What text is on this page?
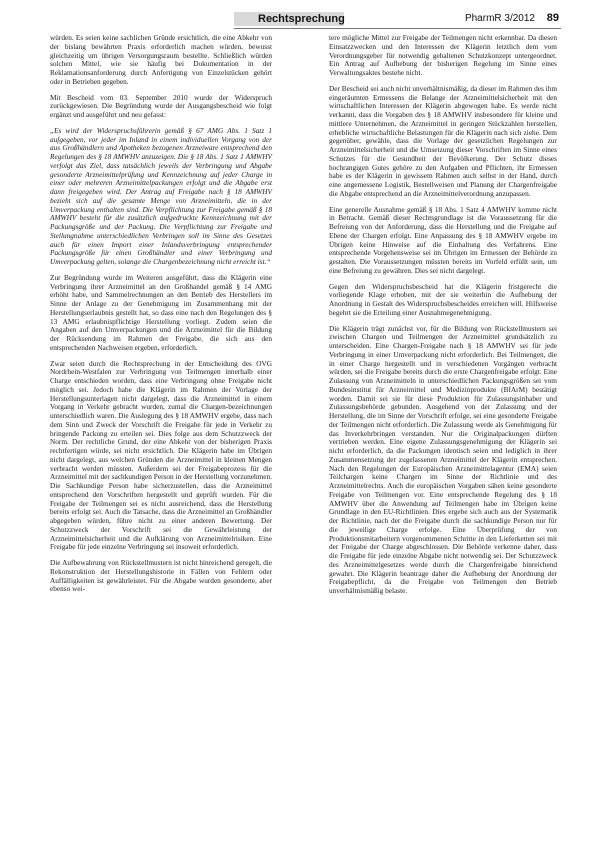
Rechtsprechung	PharmR 3/2012 89

würden. Es seien keine sachlichen Gründe ersichtlich, die eine Abkehr von der bislang bewährten Praxis erforderlich machen würden, bewusst gleichzeitig um übrigen Versorgungsraum bestellte. Schließlich würden solchen Mittel, wie sie häufig bei Dokumentation in der Reklamationsanforderung durch Anfertigung von Einzelstücken gehört oder in Betrieben gegeben.

Mit Bescheid vom 03. September 2010 wurde der Widerspruch zurückgewiesen. Die Begründung wurde der Ausgangsbescheid wie folgt ergänzt und ausgeführt und neu gefasst:

„Es wird der Widerspruchsführerin gemäß § 67 AMG Abs. 1 Satz 1 aufgegeben, vor jeder im Inland in einem individuellen Vorgang von der aus Großhändlern und Apotheken bezogenen Arzneiware entsprechend den Regelungen des § 18 AMWHV anzuzeigen. Die § 18 Abs. 1 Satz 1 AMWHV verfolgt das Ziel, dass tatsächlich jeweils der Verbringung und Abgabe gesonderte Arzneimittelprüfung und Kennzeichnung auf jeder Charge in einer oder mehreren Arzneimittelpackungen erfolgt und die Abgabe erst dann freigegeben wird. Der Antrag auf Freigabe nach § 18 AMWHV bezieht sich auf die gesamte Menge von Arzneimitteln, die in der Umverpackung enthalten sind. Die Verpflichtung zur Freigabe gemäß § 18 AMWHV besteht für die zusätzlich aufgedruckte Kennzeichnung mit der Packungsgröße und der Packung. Die Verpflichtung zur Freigabe und Stellungnahme unterschiedlichen Verbringen soll im Sinne des Gesetzes auch für einen Import einer Inlandsverbringung entsprechender Packungsgröße für einen Großhändler und einer Verbringung und Umverpackung gelten, solange die Chargenbezeichnung nicht erreicht ist.“

Zur Begründung wurde im Weiteren ausgeführt, dass die Klägerin eine Verbringung ihrer Arzneimittel an den Großhandel gemäß § 14 AMG erhöht habe, und Sammelrechnungen an den Betrieb des Herstellers im Sinne der Anlage zu der Genehmigung im Zusammenhang mit der Herstellungserlaubnis gestellt hat, so dass eine nach den Regelungen des § 13 AMG erlaubnispflichtige Herstellung vorliegt. Zudem seien die Angaben auf den Umverpackungen und die Arzneimittel für die Bildung der Rücksendung im Rahmen der Freigabe, die sich aus den entsprechenden Nachweisen ergeben, erforderlich.

Zwar seien durch die Rechtsprechung in der Entscheidung des OVG Nordrhein-Westfalen zur Verbringung von Teilmengen innerhalb einer Charge entschieden worden, dass eine Verbringung ohne Freigabe nicht möglich sei. Jedoch habe die Klägerin im Rahmen der Vorlage der Herstellungsunterlagen nicht dargelegt, dass die Arzneimittel in einem Vorgang in Verkehr gebracht wurden, zumal die Chargen-bezeichnungen unterschiedlich waren. Die Auslegung des § 18 AMWHV ergebe, dass nach dem Sinn und Zweck der Vorschrift die Freigabe für jede in Verkehr zu bringende Packung zu erteilen sei. Dies folge aus dem Schutzzweck der Norm. Der rechtliche Grund, der eine Abkehr von der bisherigen Praxis rechtfertigen würde, sei nicht ersichtlich. Die Klägerin habe im Übrigen nicht dargelegt, aus welchen Gründen die Arzneimittel in kleinen Mengen verbracht werden müssten. Außerdem sei der Freigabeprozess für die Arzneimittel mit der sachkundigen Person in der Herstellung vorzunehmen. Die Sachkundige Person habe sicherzustellen, dass die Arzneimittel entsprechend den Vorschriften hergestellt und geprüft wurden. Für die Freigabe der Teilmengen sei es nicht ausreichend, dass die Herstellung bereits erfolgt sei. Auch die Tatsache, dass die Arzneimittel an Großhändler abgegeben würden, führe nicht zu einer anderen Bewertung. Der Schutzzweck der Vorschrift sei die Gewährleistung der Arzneimittelsicherheit und die Aufklärung von Arzneimittelrisiken. Eine Freigabe für jede einzelne Verbringung sei insoweit erforderlich.

Die Aufbewahrung von Rückstellmustern ist nicht hinreichend geregelt, die Rekonstruktion der Herstellungshistorie in Fällen von Fehlern oder Auffälligkeiten ist gewährleistet. Für die Abgabe wurden gesonderte, aber ebenso wei-

tere mögliche Mittel zur Freigabe der Teilmengen nicht erkennbar. Da diesen Einsatzzwecken und den Interessen der Klägerin letztlich dem vom Verordnungsgeber für notwendig gehaltenen Schutzkonzept untergeordnet. Ein Antrag auf Aufhebung der bisherigen Regelung im Sinne eines Verwaltungsaktes bestehe nicht.

Der Bescheid sei auch nicht unverhältnismäßig, da dieser im Rahmen des ihm eingeräumten Ermessens die Belange der Arzneimittelsicherheit mit den wirtschaftlichen Interessen der Klägerin abgewogen habe. Es werde nicht verkannt, dass die Vorgaben des § 18 AMWHV insbesondere für kleine und mittlere Unternehmen, die Arzneimittel in geringen Stückzahlen herstellen, erhebliche wirtschaftliche Belastungen für die Klägerin nach sich ziehe. Dem gegenüber, gewähle, dass die Vorlage der gesetzlichen Regelungen zur Arzneimittelsicherheit und die Umsetzung dieser Vorschriften im Sinne eines Schutzes für die Gesundheit der Bevölkerung. Der Schutz dieses hochrangigen Gutes gehöre zu den Aufgaben und Pflichten, ihr Ermessen habe es der Klägerin in gewissem Rahmen auch selbst in der Hand, durch eine angemessene Logistik, Bestellweisen und Planung der Chargenfreigabe die Abgabe entsprechend an die Arzneimittelverordnung anzupassen.

Eine generelle Ausnahme gemäß § 18 Abs. 1 Satz 4 AMWHV komme nicht in Betracht. Gemäß dieser Rechtsgrundlage ist die Voraussetzung für die Befreiung von der Anforderung, dass die Herstellung und die Freigabe auf Ebene der Chargen erfolgt. Eine Anpassung des § 18 AMWHV ergebe im Übrigen keine Hinweise auf die Einhaltung des Verfahrens. Eine entsprechende Vorgehensweise sei im Übrigen im Ermessen der Behörde zu gestalten. Die Voraussetzungen müssten bereits im Vorfeld erfüllt sein, um eine Befreiung zu gewähren. Dies sei nicht dargelegt.

Gegen den Widerspruchsbescheid hat die Klägerin fristgerecht die vorliegende Klage erhoben, mit der sie weiterhin die Aufhebung der Anordnung in Gestalt des Widerspruchsbescheides erreichen will. Hilfsweise begehrt sie die Erteilung einer Ausnahmegenehmigung.

Die Klägerin trägt zunächst vor, für die Bildung von Rückstellmustern sei zwischen Chargen und Teilmengen der Arzneimittel grundsätzlich zu unterscheiden. Eine Chargen-Freigabe nach § 18 AMWHV sei für jede Verbringung in einer Umverpackung nicht erforderlich. Bei Teilmengen, die in einer Charge hergestellt und in verschiedenen Vorgängen verbracht würden, sei die Freigabe bereits durch die erste Chargenfreigabe erfolgt. Eine Zulassung von Arzneimitteln in unterschiedlichen Packungsgrößen sei vom Bundesinstitut für Arzneimittel und Medizinprodukte (BfArM) bestätigt worden. Damit sei sie für diese Produktion für Zulassungsinhaber und Zulassungsbehörde gebunden. Ausgehend von der Zulassung und der Herstellung, die im Sinne der Vorschrift erfolge, sei eine gesonderte Freigabe der Teilmengen nicht erforderlich. Die Zulassung werde als Genehmigung für das Inverkehrbringen verstanden. Nur die Originalpackungen dürften vertrieben werden. Eine eigene Zulassungsgenehmigung der Klägerin sei nicht erforderlich, da die Packungen identisch seien und lediglich in ihrer Zusammensetzung der zugelassenen Arzneimittel der Klägerin entsprechen. Nach den Regelungen der Europäischen Arzneimittelagentur (EMA) seien Teilchargen keine Chargen im Sinne der Richtlinie und des Arzneimittelrechts. Auch die europäischen Vorgaben sähen keine gesonderte Freigabe von Teilmengen vor. Eine entsprechende Regelung des § 18 AMWHV über die Anwendung auf Teilmengen habe im Übrigen keine Grundlage in den EU-Richtlinien. Dies ergebe sich auch aus der Systematik der Richtlinie, nach der die Freigabe durch die sachkundige Person nur für die jeweilige Charge erfolge. Eine Überprüfung der von Produktionsmitarbeitern vorgenommenen Schritte in den Lieferketten sei mit der Freigabe der Charge abgeschlossen. Die Behörde verkenne daher, dass die Freigabe für jede einzelne Abgabe nicht notwendig sei. Der Schutzzweck des Arzneimittelgesetzes werde durch die Chargenfreigabe hinreichend gewahrt. Die Klägerin beantrage daher die Aufhebung der Anordnung der Freigabepflicht, da die Freigabe von Teilmengen den Betrieb unverhältnismäßig belaste.
